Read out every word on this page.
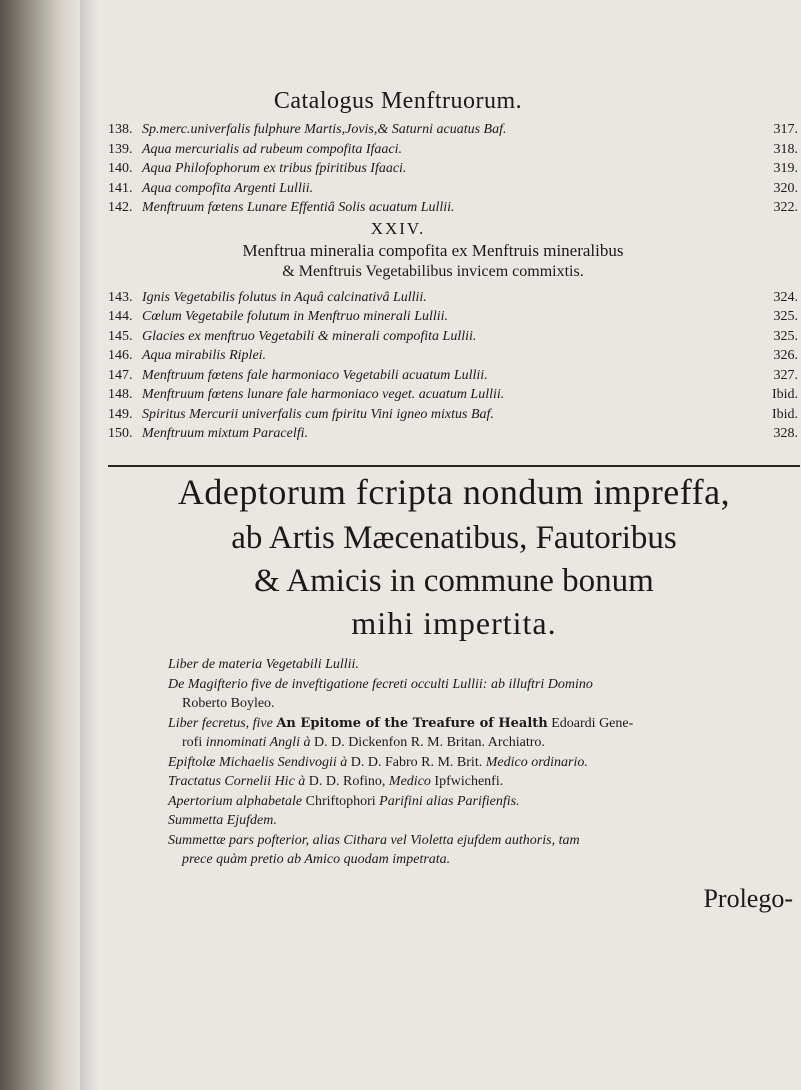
Catalogus Menftruorum.
138. Sp.merc.univerfalis fulphure Martis,Jovis,& Saturni acuatus Baf.	317.
139. Aqua mercurialis ad rubeum compofita Ifaaci.	318.
140. Aqua Philofophorum ex tribus fpiritibus Ifaaci.	319.
141. Aqua compofita Argenti Lullii.	320.
142. Menftruum fœtens Lunare Effentiâ Solis acuatum Lullii.	322.
XXIV.
Menftrua mineralia compofita ex Menftruis mineralibus
& Menftruis Vegetabilibus invicem commixtis.
143. Ignis Vegetabilis folutus in Aquâ calcinativâ Lullii.	324.
144. Cœlum Vegetabile folutum in Menftruo minerali Lullii.	325.
145. Glacies ex menftruo Vegetabili & minerali compofita Lullii.	325.
146. Aqua mirabilis Riplei.	326.
147. Menftruum fœtens fale harmoniaco Vegetabili acuatum Lullii.	327.
148. Menftruum fœtens lunare fale harmoniaco veget. acuatum Lullii.	Ibid.
149. Spiritus Mercurii univerfalis cum fpiritu Vini igneo mixtus Baf.	Ibid.
150. Menftruum mixtum Paracelfi.	328.
Adeptorum fcripta nondum impreffa,
ab Artis Mæcenatibus, Fautoribus
& Amicis in commune bonum
mihi impertita.

Liber de materia Vegetabili Lullii.

De Magifterio five de inveftigatione fecreti occulti Lullii: ab illuftri Domino

Roberto Boyleo.

Liber fecretus, five An Epitome of the Treafure of Health Edoardi Gene-

rofi innominati Angli à D. D. Dickenfon R. M. Britan. Archiatro.

Epiftolæ Michaelis Sendivogii à D. D. Fabro R. M. Brit. Medico ordinario.

Tractatus Cornelii Hic à D. D. Rofino, Medico Ipfwichenfi.

Apertorium alphabetale Chriftophori Parifini alias Parifienfis.

Summetta Ejufdem.

Summettæ pars pofterior, alias Cithara vel Violetta ejufdem authoris, tam

prece quàm pretio ab Amico quodam impetrata.

Prolego-
